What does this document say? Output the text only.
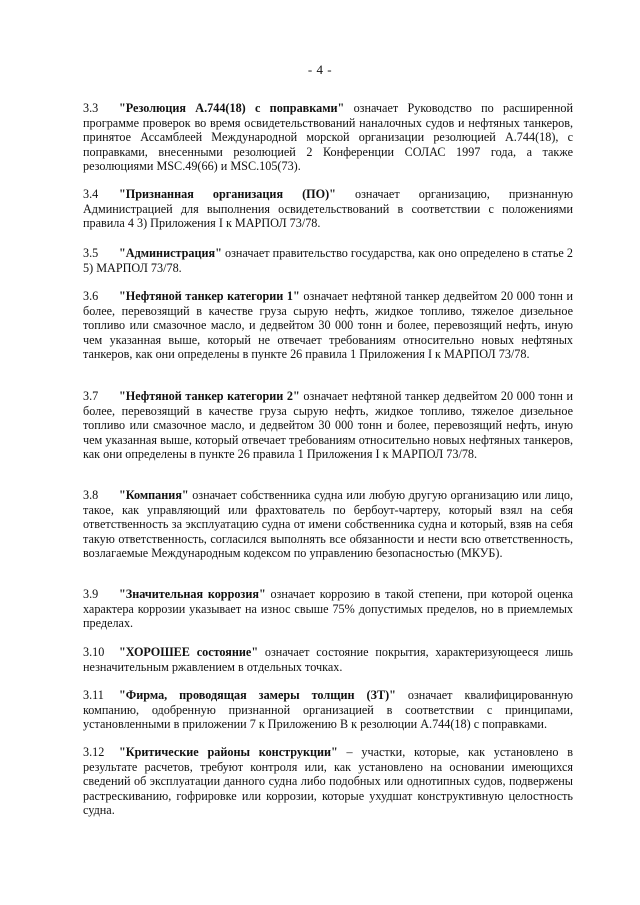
- 4 -
3.3 "Резолюция A.744(18) с поправками" означает Руководство по расширенной программе проверок во время освидетельствований наналочных судов и нефтяных танкеров, принятое Ассамблеей Международной морской организации резолюцией A.744(18), с поправками, внесенными резолюцией 2 Конференции СОЛАС 1997 года, а также резолюциями MSC.49(66) и MSC.105(73).
3.4 "Признанная организация (ПО)" означает организацию, признанную Администрацией для выполнения освидетельствований в соответствии с положениями правила 4 3) Приложения I к МАРПОЛ 73/78.
3.5 "Администрация" означает правительство государства, как оно определено в статье 2 5) МАРПОЛ 73/78.
3.6 "Нефтяной танкер категории 1" означает нефтяной танкер дедвейтом 20 000 тонн и более, перевозящий в качестве груза сырую нефть, жидкое топливо, тяжелое дизельное топливо или смазочное масло, и дедвейтом 30 000 тонн и более, перевозящий нефть, иную чем указанная выше, который не отвечает требованиям относительно новых нефтяных танкеров, как они определены в пункте 26 правила 1 Приложения I к МАРПОЛ 73/78.
3.7 "Нефтяной танкер категории 2" означает нефтяной танкер дедвейтом 20 000 тонн и более, перевозящий в качестве груза сырую нефть, жидкое топливо, тяжелое дизельное топливо или смазочное масло, и дедвейтом 30 000 тонн и более, перевозящий нефть, иную чем указанная выше, который отвечает требованиям относительно новых нефтяных танкеров, как они определены в пункте 26 правила 1 Приложения I к МАРПОЛ 73/78.
3.8 "Компания" означает собственника судна или любую другую организацию или лицо, такое, как управляющий или фрахтователь по бербоут-чартеру, который взял на себя ответственность за эксплуатацию судна от имени собственника судна и который, взяв на себя такую ответственность, согласился выполнять все обязанности и нести всю ответственность, возлагаемые Международным кодексом по управлению безопасностью (МКУБ).
3.9 "Значительная коррозия" означает коррозию в такой степени, при которой оценка характера коррозии указывает на износ свыше 75% допустимых пределов, но в приемлемых пределах.
3.10 "ХОРОШЕЕ состояние" означает состояние покрытия, характеризующееся лишь незначительным ржавлением в отдельных точках.
3.11 "Фирма, проводящая замеры толщин (ЗТ)" означает квалифицированную компанию, одобренную признанной организацией в соответствии с принципами, установленными в приложении 7 к Приложению B к резолюции A.744(18) с поправками.
3.12 "Критические районы конструкции" – участки, которые, как установлено в результате расчетов, требуют контроля или, как установлено на основании имеющихся сведений об эксплуатации данного судна либо подобных или однотипных судов, подвержены растрескиванию, гофрировке или коррозии, которые ухудшат конструктивную целостность судна.
